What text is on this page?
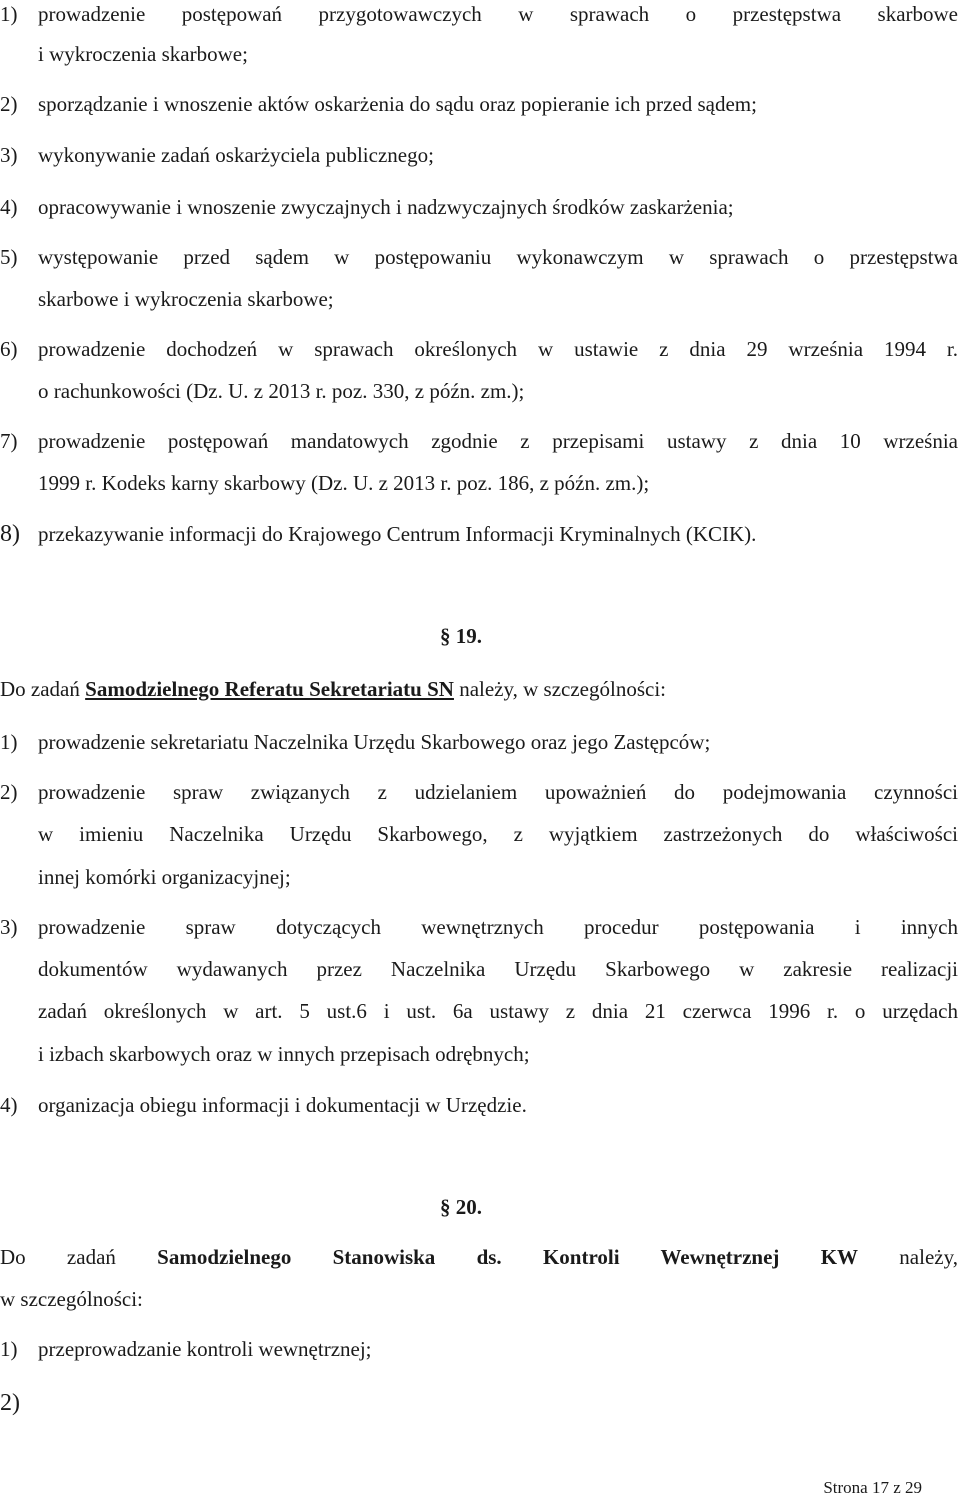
1) prowadzenie postępowań przygotowawczych w sprawach o przestępstwa skarbowe
i wykroczenia skarbowe;
2) sporządzanie i wnoszenie aktów oskarżenia do sądu oraz popieranie ich przed sądem;
3) wykonywanie zadań oskarżyciela publicznego;
4) opracowywanie i wnoszenie zwyczajnych i nadzwyczajnych środków zaskarżenia;
5) występowanie przed sądem w postępowaniu wykonawczym w sprawach o przestępstwa
skarbowe i wykroczenia skarbowe;
6) prowadzenie dochodzeń w sprawach określonych w ustawie z dnia 29 września 1994 r.
o rachunkowości (Dz. U. z 2013 r. poz. 330, z późn. zm.);
7) prowadzenie postępowań mandatowych zgodnie z przepisami ustawy z dnia 10 września
1999 r. Kodeks karny skarbowy (Dz. U. z 2013 r. poz. 186, z późn. zm.);
8) przekazywanie informacji do Krajowego Centrum Informacji Kryminalnych (KCIK).
§ 19.
Do zadań Samodzielnego Referatu Sekretariatu SN należy, w szczególności:
1) prowadzenie sekretariatu Naczelnika Urzędu Skarbowego oraz jego Zastępców;
2) prowadzenie spraw związanych z udzielaniem upoważnień do podejmowania czynności
w imieniu Naczelnika Urzędu Skarbowego, z wyjątkiem zastrzeżonych do właściwości
innej komórki organizacyjnej;
3) prowadzenie spraw dotyczących wewnętrznych procedur postępowania i innych
dokumentów wydawanych przez Naczelnika Urzędu Skarbowego w zakresie realizacji
zadań określonych w art. 5 ust.6 i ust. 6a ustawy z dnia 21 czerwca 1996 r. o urzędach
i izbach skarbowych oraz w innych przepisach odrębnych;
4) organizacja obiegu informacji i dokumentacji w Urzędzie.
§ 20.
Do zadań Samodzielnego Stanowiska ds. Kontroli Wewnętrznej KW należy,
w szczególności:
1) przeprowadzanie kontroli wewnętrznej;
2)
Strona 17 z 29
